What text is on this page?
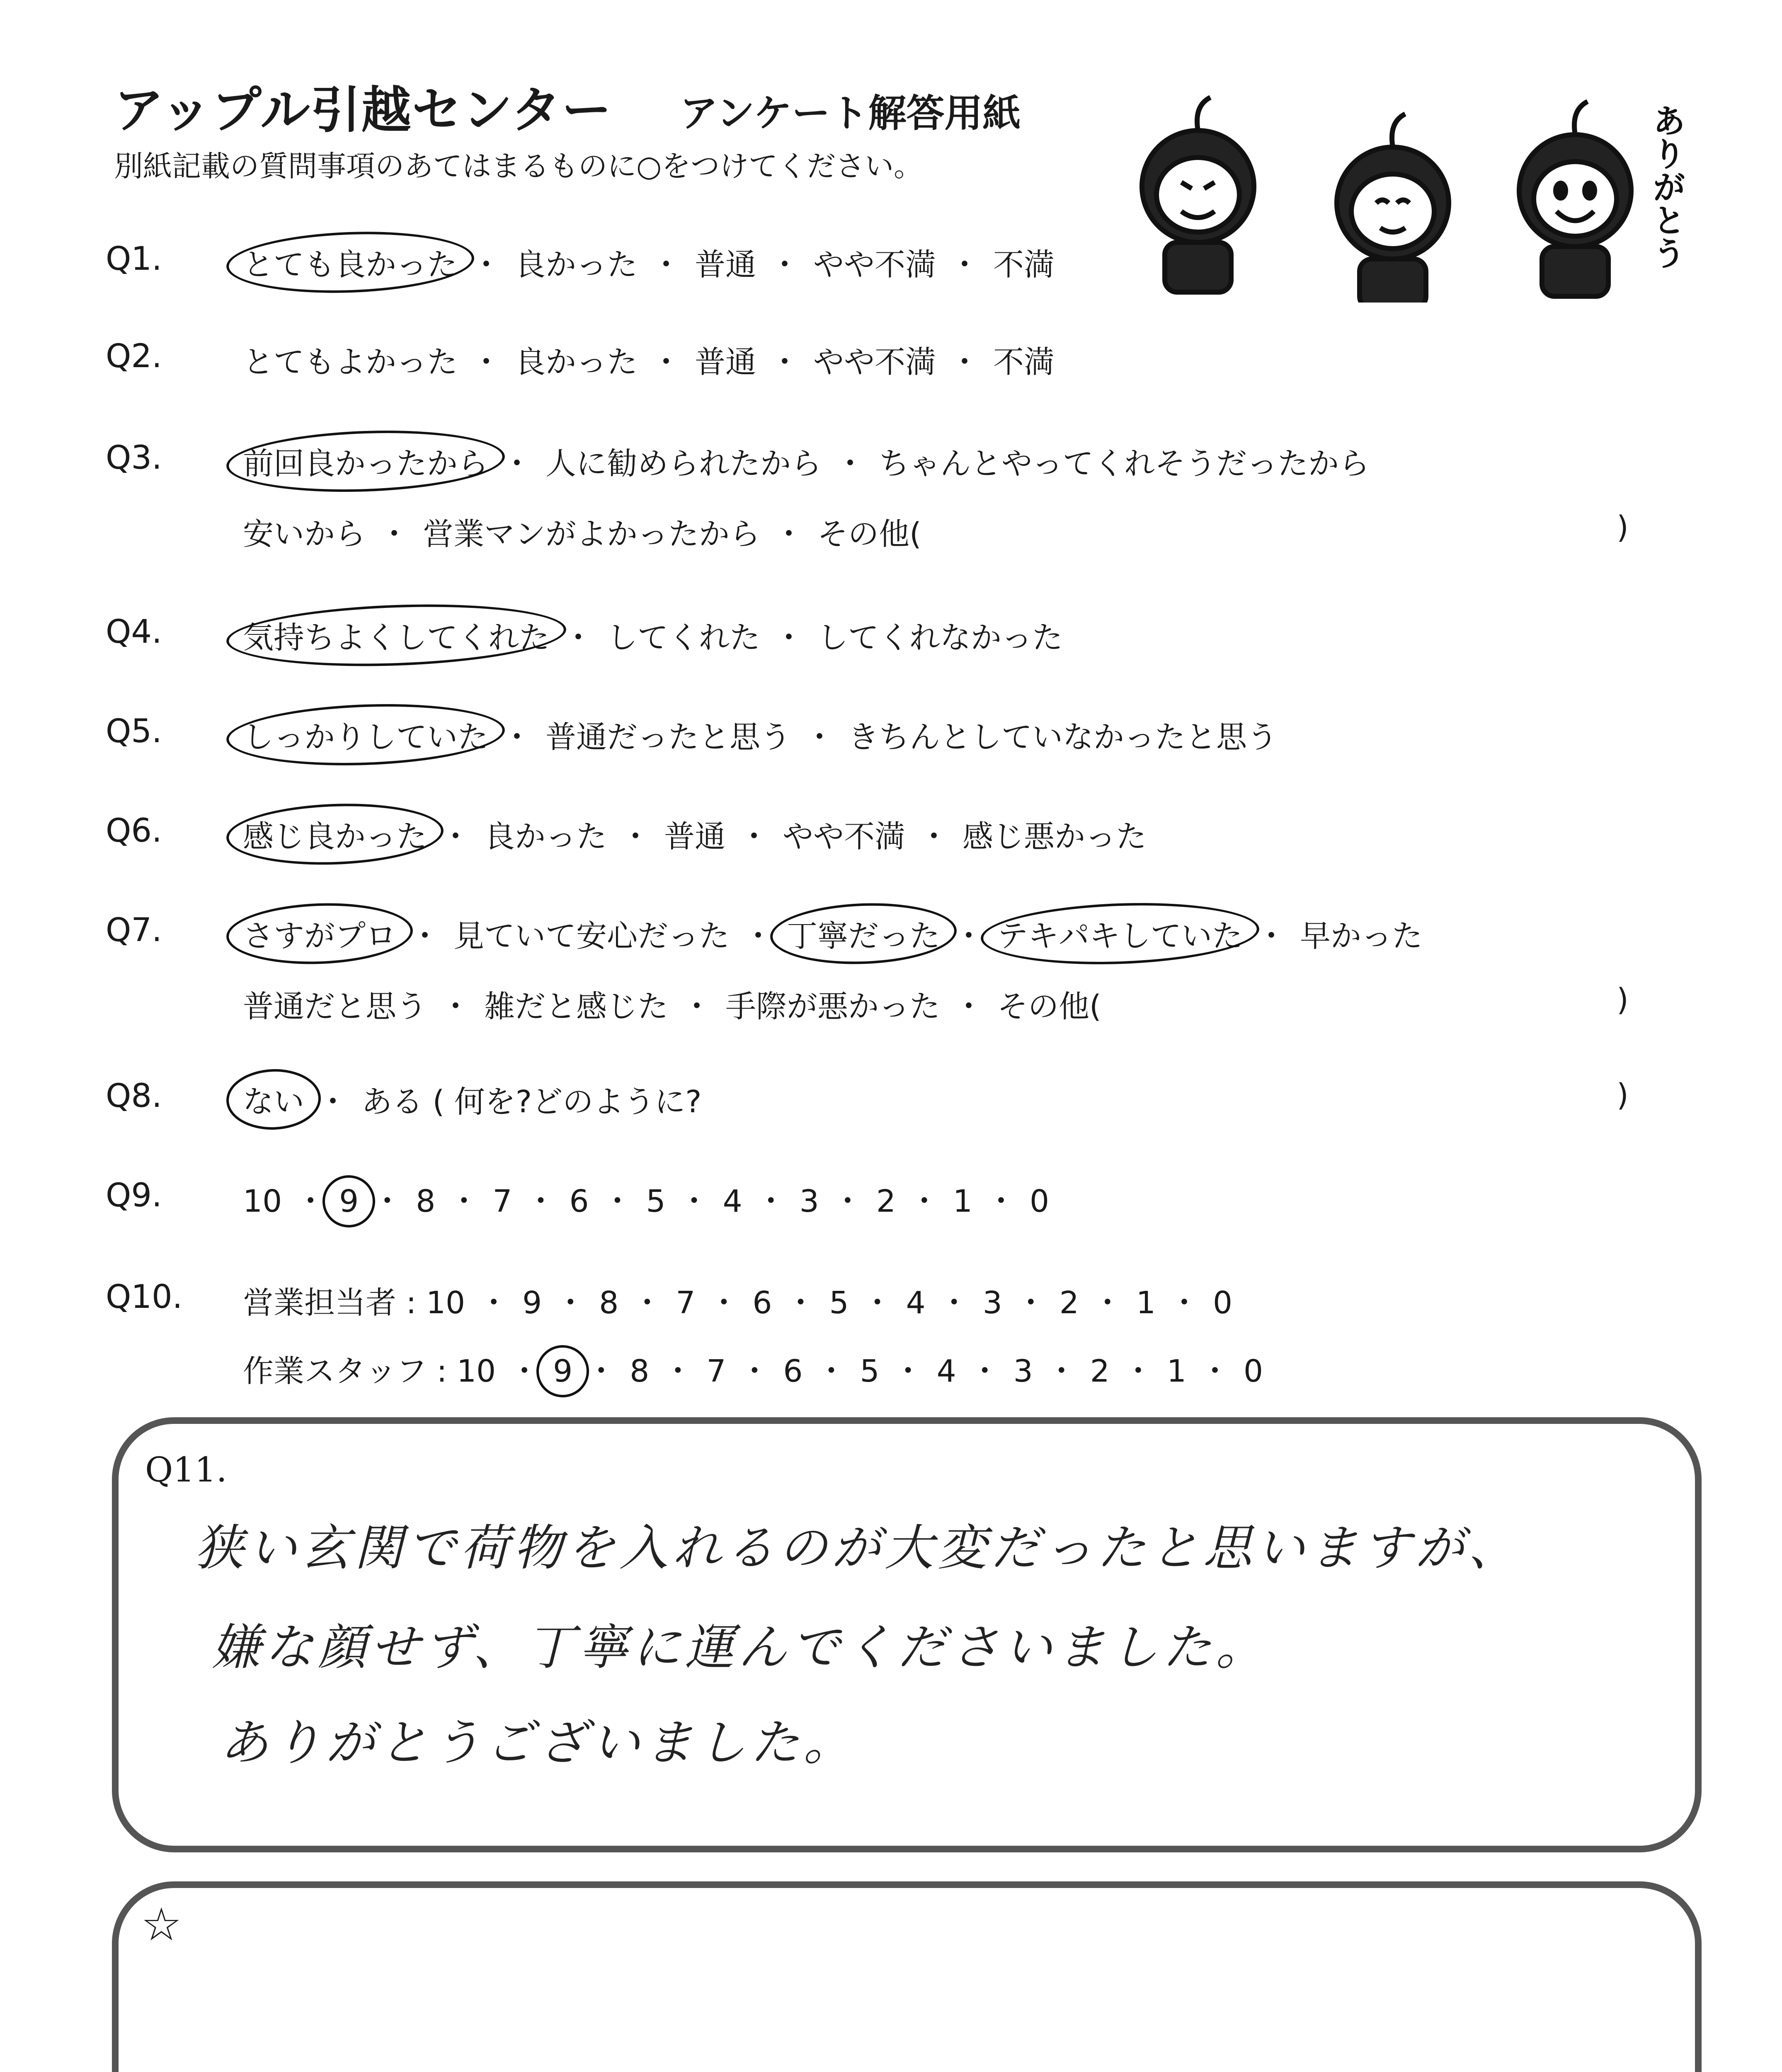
アップル引越センター アンケート解答用紙
別紙記載の質問事項のあてはまるものに○をつけてください。	ありがとう
Q1.	とても良かった ・ 良かった ・ 普通 ・ やや不満 ・ 不満
Q2.	とてもよかった ・ 良かった ・ 普通 ・ やや不満 ・ 不満
Q3.	前回良かったから ・ 人に勧められたから ・ ちゃんとやってくれそうだったから
安いから ・ 営業マンがよかったから ・ その他(	)
Q4.	気持ちよくしてくれた ・ してくれた ・ してくれなかった
Q5.	しっかりしていた ・ 普通だったと思う ・ きちんとしていなかったと思う
Q6.	感じ良かった ・ 良かった ・ 普通 ・ やや不満 ・ 感じ悪かった
Q7.	さすがプロ ・ 見ていて安心だった ・ 丁寧だった ・ テキパキしていた ・ 早かった
普通だと思う ・ 雑だと感じた ・ 手際が悪かった ・ その他(	)
Q8.	ない ・ ある ( 何を?どのように?	)
Q9.	10 ・ 9 ・ 8 ・ 7 ・ 6 ・ 5 ・ 4 ・ 3 ・ 2 ・ 1 ・ 0
Q10. 営業担当者 : 10 ・ 9 ・ 8 ・ 7 ・ 6 ・ 5 ・ 4 ・ 3 ・ 2 ・ 1 ・ 0
作業スタッフ : 10 ・ 9 ・ 8 ・ 7 ・ 6 ・ 5 ・ 4 ・ 3 ・ 2 ・ 1 ・ 0
Q11.
狭い玄関で荷物を入れるのが大変だったと思いますが、
嫌な顔せず、丁寧に運んでくださいました。
ありがとうございました。
☆
